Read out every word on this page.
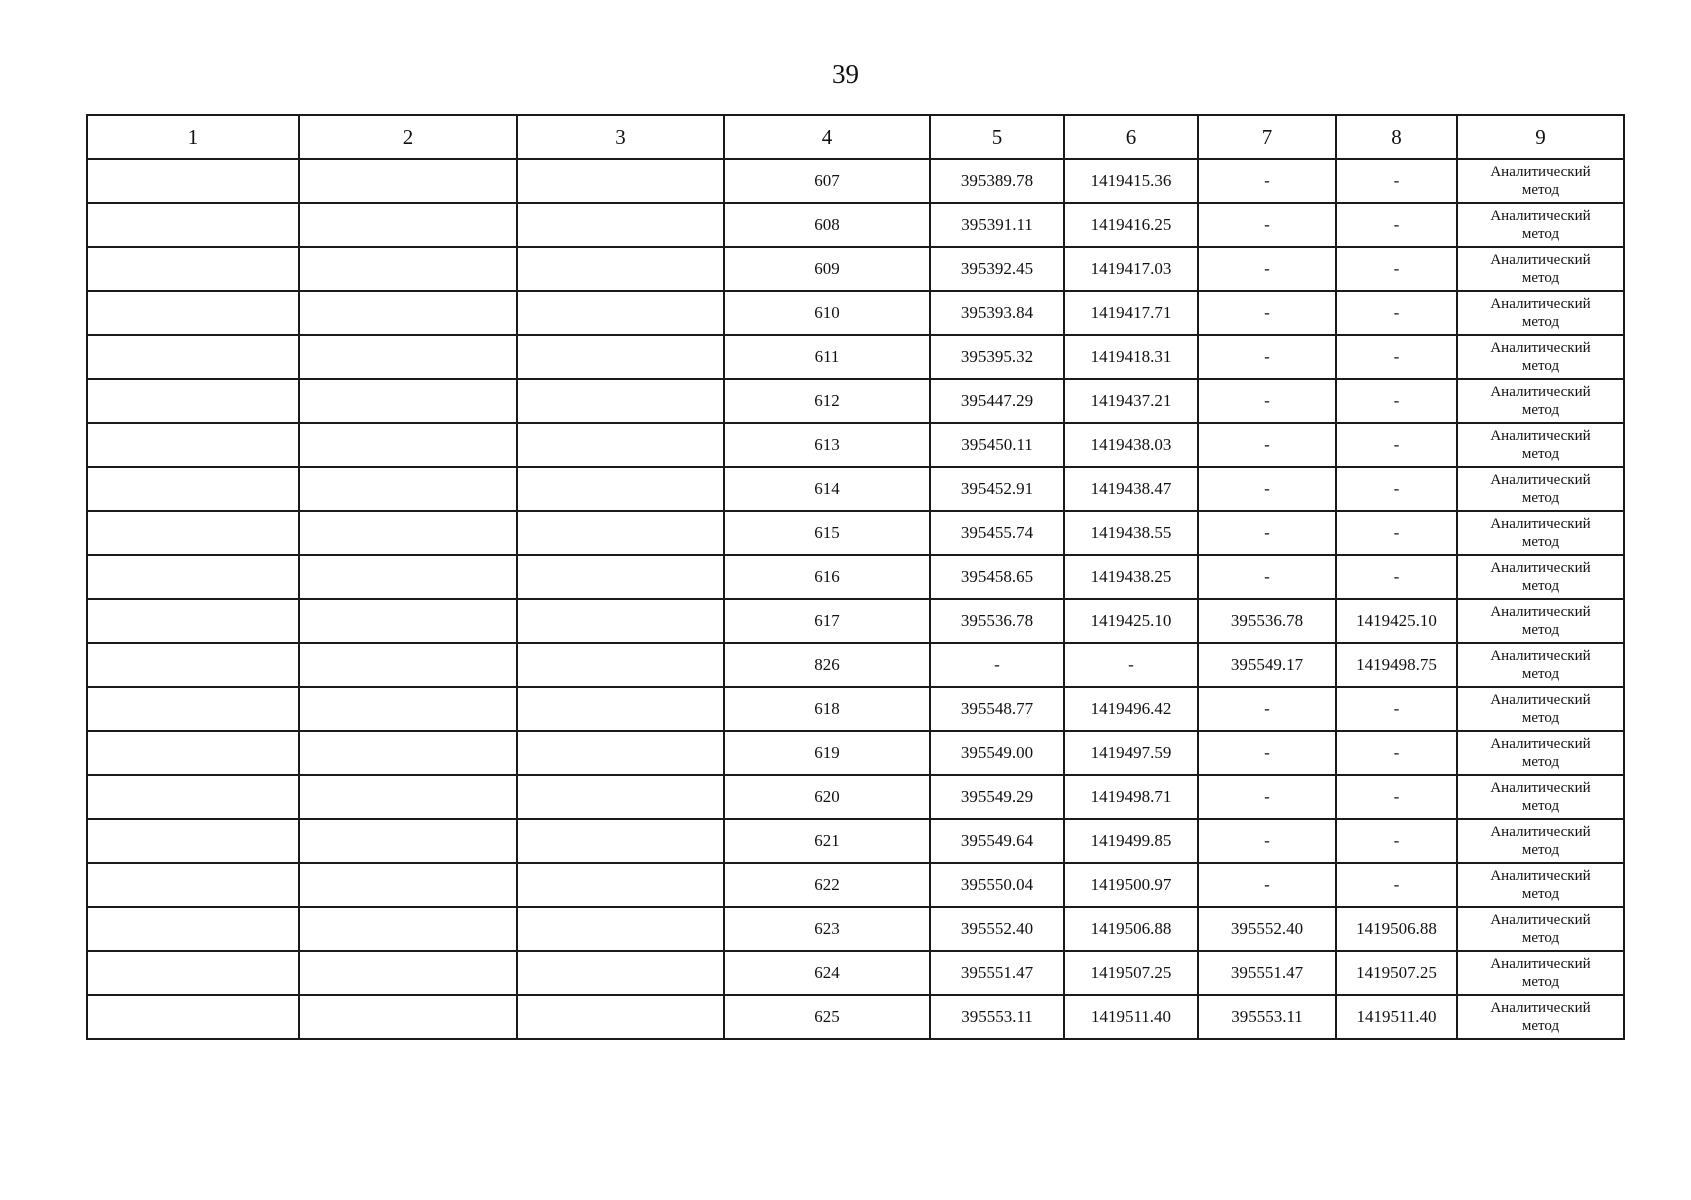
39
1	2	3	4	5	6	7	8	9
			607	395389.78	1419415.36	-	-	Аналитический
метод

			608	395391.11	1419416.25	-	-	Аналитический
метод

			609	395392.45	1419417.03	-	-	Аналитический
метод

			610	395393.84	1419417.71	-	-	Аналитический
метод

			611	395395.32	1419418.31	-	-	Аналитический
метод

			612	395447.29	1419437.21	-	-	Аналитический
метод

			613	395450.11	1419438.03	-	-	Аналитический
метод

			614	395452.91	1419438.47	-	-	Аналитический
метод

			615	395455.74	1419438.55	-	-	Аналитический
метод

			616	395458.65	1419438.25	-	-	Аналитический
метод

			617	395536.78	1419425.10	395536.78	1419425.10	Аналитический
метод

			826	-	-	395549.17	1419498.75	Аналитический
метод

			618	395548.77	1419496.42	-	-	Аналитический
метод

			619	395549.00	1419497.59	-	-	Аналитический
метод

			620	395549.29	1419498.71	-	-	Аналитический
метод

			621	395549.64	1419499.85	-	-	Аналитический
метод

			622	395550.04	1419500.97	-	-	Аналитический
метод

			623	395552.40	1419506.88	395552.40	1419506.88	Аналитический
метод

			624	395551.47	1419507.25	395551.47	1419507.25	Аналитический
метод

			625	395553.11	1419511.40	395553.11	1419511.40	Аналитический
метод
